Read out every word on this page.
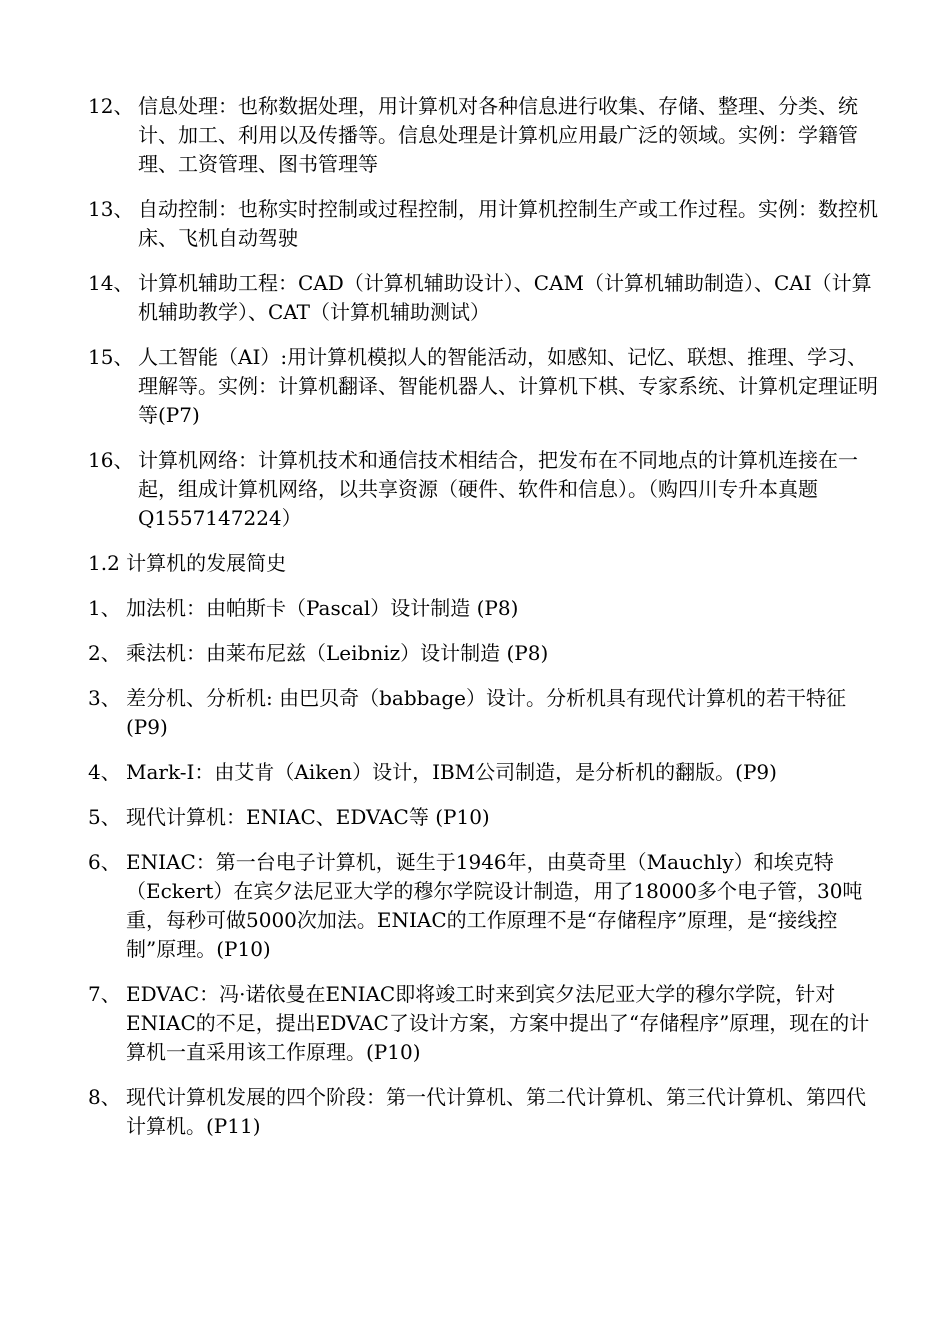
12、 信息处理：也称数据处理，用计算机对各种信息进行收集、存储、整理、分类、统计、加工、利用以及传播等。信息处理是计算机应用最广泛的领域。实例：学籍管理、工资管理、图书管理等
13、 自动控制：也称实时控制或过程控制，用计算机控制生产或工作过程。实例：数控机床、飞机自动驾驶
14、 计算机辅助工程：CAD（计算机辅助设计）、CAM（计算机辅助制造）、CAI（计算机辅助教学）、CAT（计算机辅助测试）
15、 人工智能（AI）:用计算机模拟人的智能活动，如感知、记忆、联想、推理、学习、理解等。实例：计算机翻译、智能机器人、计算机下棋、专家系统、计算机定理证明等(P7)
16、 计算机网络：计算机技术和通信技术相结合，把发布在不同地点的计算机连接在一起，组成计算机网络，以共享资源（硬件、软件和信息）。（购四川专升本真题Q1557147224）
1.2 计算机的发展简史
1、 加法机：由帕斯卡（Pascal）设计制造 (P8)
2、 乘法机：由莱布尼兹（Leibniz）设计制造 (P8)
3、 差分机、分析机: 由巴贝奇（babbage）设计。分析机具有现代计算机的若干特征 (P9)
4、 Mark-I：由艾肯（Aiken）设计，IBM公司制造，是分析机的翻版。(P9)
5、 现代计算机：ENIAC、EDVAC等 (P10)
6、 ENIAC：第一台电子计算机，诞生于1946年，由莫奇里（Mauchly）和埃克特（Eckert）在宾夕法尼亚大学的穆尔学院设计制造，用了18000多个电子管，30吨重，每秒可做5000次加法。ENIAC的工作原理不是“存储程序”原理，是“接线控制”原理。(P10)
7、 EDVAC：冯·诺依曼在ENIAC即将竣工时来到宾夕法尼亚大学的穆尔学院，针对ENIAC的不足，提出EDVAC了设计方案，方案中提出了“存储程序”原理，现在的计算机一直采用该工作原理。(P10)
8、 现代计算机发展的四个阶段：第一代计算机、第二代计算机、第三代计算机、第四代计算机。(P11)
